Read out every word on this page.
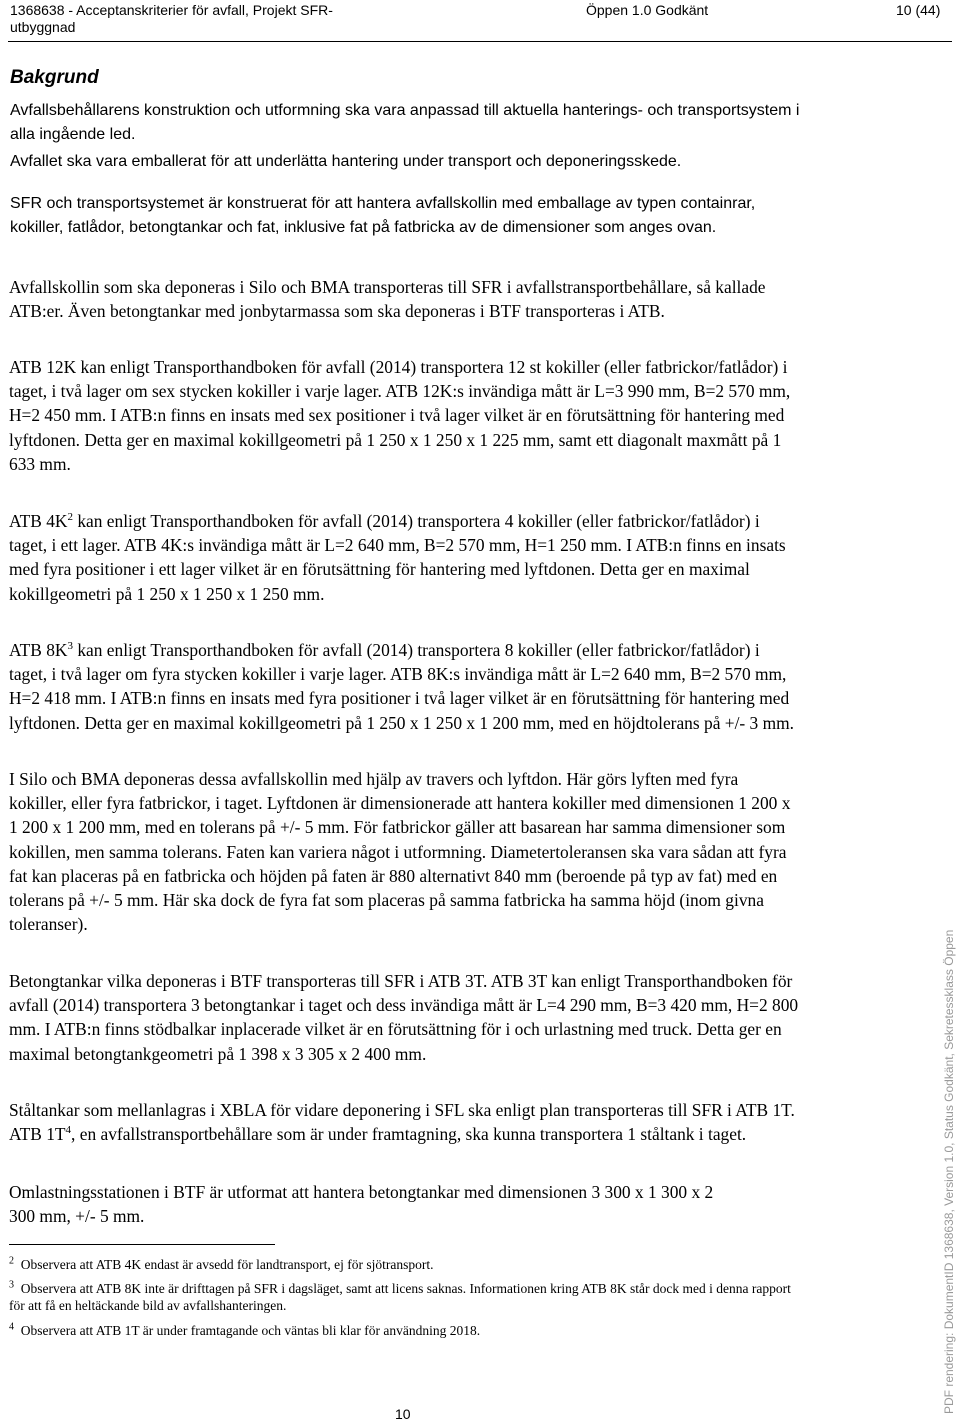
1368638 - Acceptanskriterier för avfall, Projekt SFR-utbyggnad
Öppen 1.0 Godkänt	10 (44)
Bakgrund
Avfallsbehållarens konstruktion och utformning ska vara anpassad till aktuella hanterings- och transportsystem i alla ingående led.
Avfallet ska vara emballerat för att underlätta hantering under transport och deponeringsskede.
SFR och transportsystemet är konstruerat för att hantera avfallskollin med emballage av typen containrar, kokiller, fatlådor, betongtankar och fat, inklusive fat på fatbricka av de dimensioner som anges ovan.

Avfallskollin som ska deponeras i Silo och BMA transporteras till SFR i avfallstransportbehållare, så kallade ATB:er. Även betongtankar med jonbytarmassa som ska deponeras i BTF transporteras i ATB.

ATB 12K kan enligt Transporthandboken för avfall (2014) transportera 12 st kokiller (eller fatbrickor/fatlådor) i taget, i två lager om sex stycken kokiller i varje lager. ATB 12K:s invändiga mått är L=3 990 mm, B=2 570 mm, H=2 450 mm. I ATB:n finns en insats med sex positioner i två lager vilket är en förutsättning för hantering med lyftdonen. Detta ger en maximal kokillgeometri på 1 250 x 1 250 x 1 225 mm, samt ett diagonalt maxmått på 1 633 mm.

ATB $4K^2$ kan enligt Transporthandboken för avfall (2014) transportera 4 kokiller (eller fatbrickor/fatlådor) i taget, i ett lager. ATB 4K:s invändiga mått är L=2 640 mm, B=2 570 mm, H=1 250 mm. I ATB:n finns en insats med fyra positioner i ett lager vilket är en förutsättning för hantering med lyftdonen. Detta ger en maximal kokillgeometri på 1 250 x 1 250 x 1 250 mm.

ATB $8K^3$ kan enligt Transporthandboken för avfall (2014) transportera 8 kokiller (eller fatbrickor/fatlådor) i taget, i två lager om fyra stycken kokiller i varje lager. ATB 8K:s invändiga mått är L=2 640 mm, B=2 570 mm, H=2 418 mm. I ATB:n finns en insats med fyra positioner i två lager vilket är en förutsättning för hantering med lyftdonen. Detta ger en maximal kokillgeometri på 1 250 x 1 250 x 1 200 mm, med en höjdtolerans på +/- 3 mm.

I Silo och BMA deponeras dessa avfallskollin med hjälp av travers och lyftdon. Här görs lyften med fyra kokiller, eller fyra fatbrickor, i taget. Lyftdonen är dimensionerade att hantera kokiller med dimensionen 1 200 x 1 200 x 1 200 mm, med en tolerans på +/- 5 mm. För fatbrickor gäller att basarean har samma dimensioner som kokillen, men samma tolerans. Faten kan variera något i utformning. Diametertoleransen ska vara sådan att fyra fat kan placeras på en fatbricka och höjden på faten är 880 alternativt 840 mm (beroende på typ av fat) med en tolerans på +/- 5 mm. Här ska dock de fyra fat som placeras på samma fatbricka ha samma höjd (inom givna toleranser).

Betongtankar vilka deponeras i BTF transporteras till SFR i ATB 3T. ATB 3T kan enligt Transporthandboken för avfall (2014) transportera 3 betongtankar i taget och dess invändiga mått är L=4 290 mm, B=3 420 mm, H=2 800 mm. I ATB:n finns stödbalkar inplacerade vilket är en förutsättning för i och urlastning med truck. Detta ger en maximal betongtankgeometri på 1 398 x 3 305 x 2 400 mm.

Ståltankar som mellanlagras i XBLA för vidare deponering i SFL ska enligt plan transporteras till SFR i ATB 1T. ATB $1T^4$, en avfallstransportbehållare som är under framtagning, ska kunna transportera 1 ståltank i taget.

Omlastningsstationen i BTF är utformat att hantera betongtankar med dimensionen 3 300 x 1 300 x 2 300 mm, +/- 5 mm.

$^2$ Observera att ATB 4K endast är avsedd för landtransport, ej för sjötransport.
$^3$ Observera att ATB 8K inte är drifttagen på SFR i dagsläget, samt att licens saknas. Informationen kring ATB 8K står dock med i denna rapport för att få en heltäckande bild av avfallshanteringen.
$^4$ Observera att ATB 1T är under framtagande och väntas bli klar för användning 2018.
10	PDF rendering: DokumentID 1368638, Version 1.0, Status Godkänt, Sekretessklass Öppen
